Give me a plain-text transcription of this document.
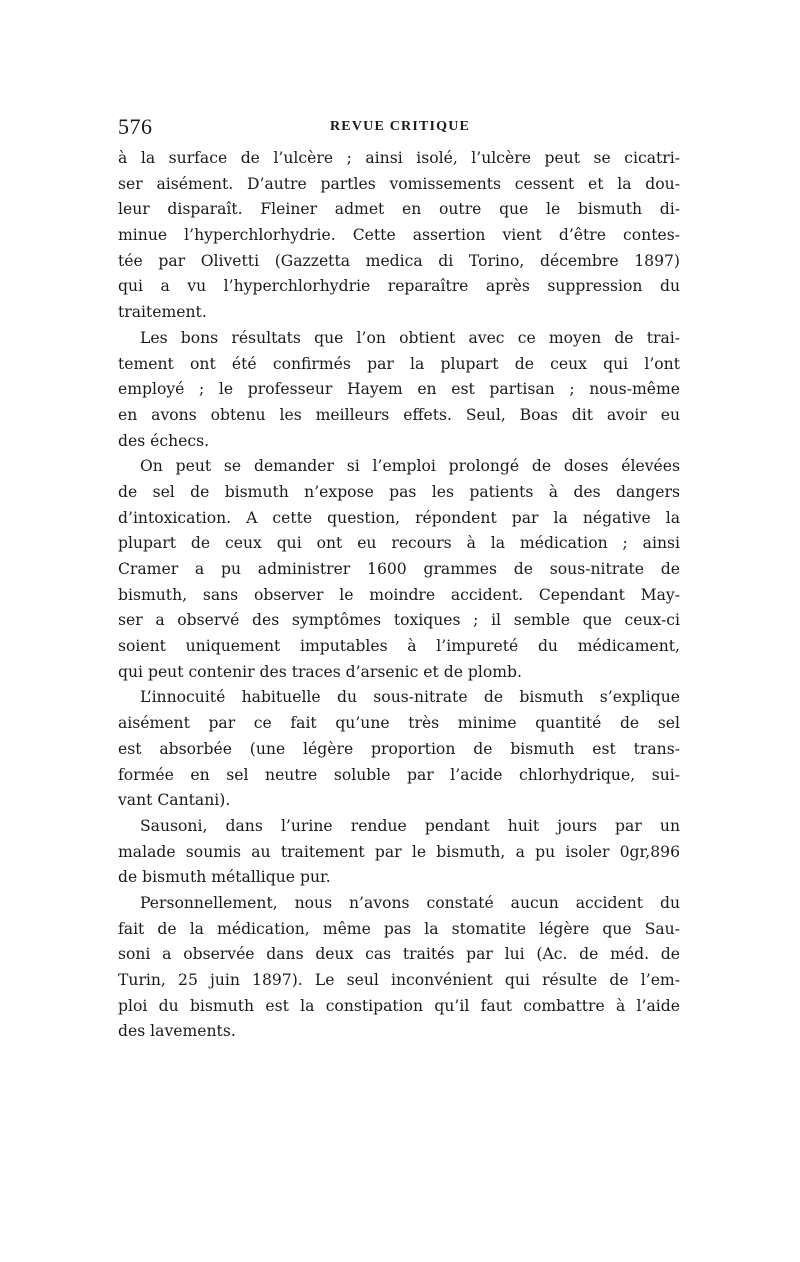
576	REVUE CRITIQUE
à la surface de l’ulcère ; ainsi isolé, l’ulcère peut se cicatri-
ser aisément. D’autre partles vomissements cessent et la dou-
leur disparaît. Fleiner admet en outre que le bismuth di-
minue l’hyperchlorhydrie. Cette assertion vient d’être contes-
tée par Olivetti (Gazzetta medica di Torino, décembre 1897)
qui a vu l’hyperchlorhydrie reparaître après suppression du
traitement.
Les bons résultats que l’on obtient avec ce moyen de trai-
tement ont été confirmés par la plupart de ceux qui l’ont
employé ; le professeur Hayem en est partisan ; nous-même
en avons obtenu les meilleurs effets. Seul, Boas dit avoir eu
des échecs.
On peut se demander si l’emploi prolongé de doses élevées
de sel de bismuth n’expose pas les patients à des dangers
d’intoxication. A cette question, répondent par la négative la
plupart de ceux qui ont eu recours à la médication ; ainsi
Cramer a pu administrer 1600 grammes de sous-nitrate de
bismuth, sans observer le moindre accident. Cependant May-
ser a observé des symptômes toxiques ; il semble que ceux-ci
soient uniquement imputables à l’impureté du médicament,
qui peut contenir des traces d’arsenic et de plomb.
L’innocuité habituelle du sous-nitrate de bismuth s’explique
aisément par ce fait qu’une très minime quantité de sel
est absorbée (une légère proportion de bismuth est trans-
formée en sel neutre soluble par l’acide chlorhydrique, sui-
vant Cantani).
Sausoni, dans l’urine rendue pendant huit jours par un
malade soumis au traitement par le bismuth, a pu isoler 0gr,896
de bismuth métallique pur.
Personnellement, nous n’avons constaté aucun accident du
fait de la médication, même pas la stomatite légère que Sau-
soni a observée dans deux cas traités par lui (Ac. de méd. de
Turin, 25 juin 1897). Le seul inconvénient qui résulte de l’em-
ploi du bismuth est la constipation qu’il faut combattre à l’aide
des lavements.
